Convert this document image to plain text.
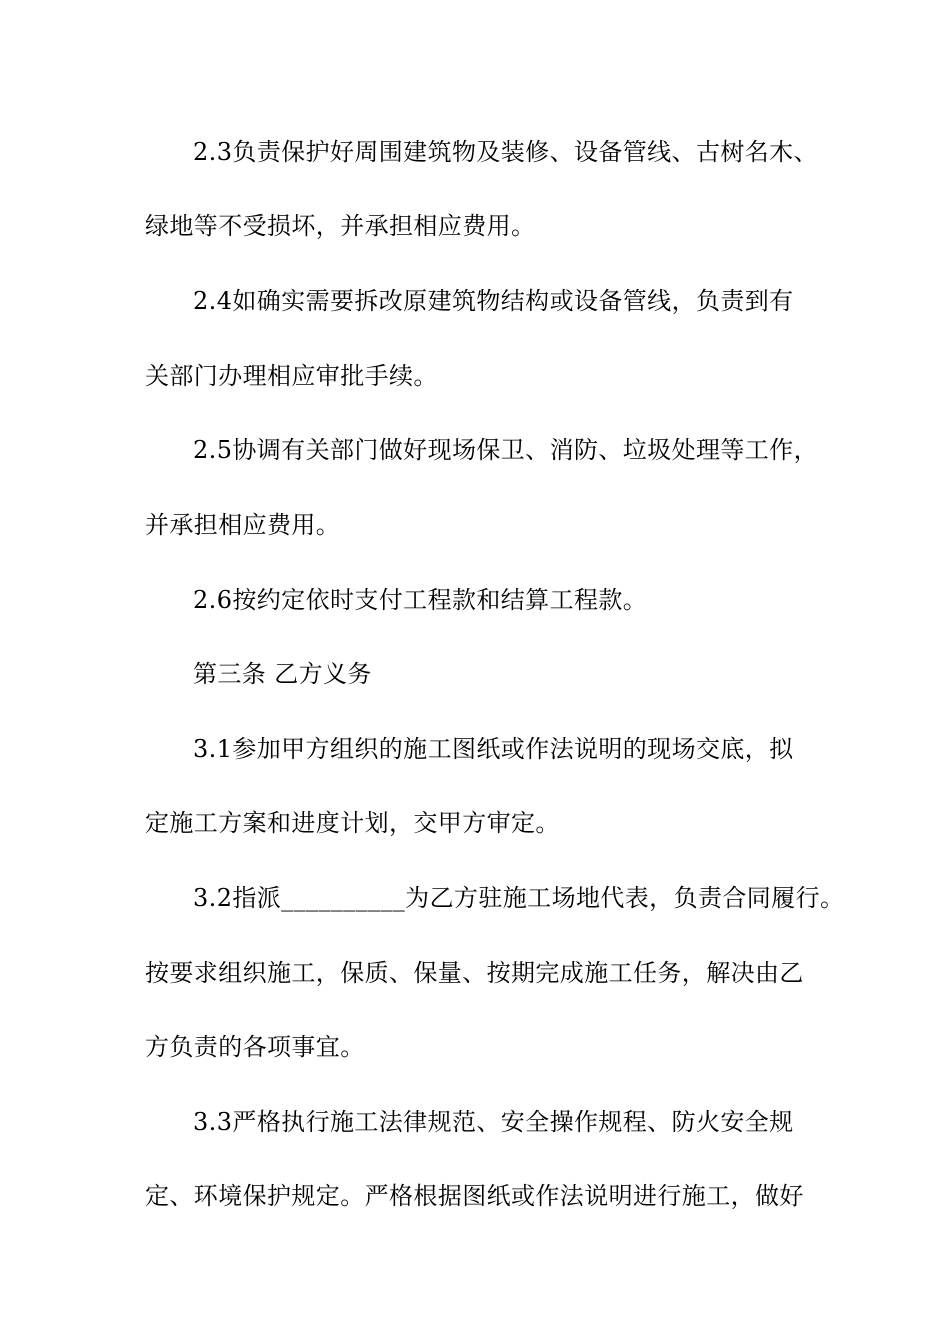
2.3负责保护好周围建筑物及装修、设备管线、古树名木、
绿地等不受损坏，并承担相应费用。
2.4如确实需要拆改原建筑物结构或设备管线，负责到有
关部门办理相应审批手续。
2.5协调有关部门做好现场保卫、消防、垃圾处理等工作，
并承担相应费用。
2.6按约定依时支付工程款和结算工程款。
第三条 乙方义务
3.1参加甲方组织的施工图纸或作法说明的现场交底，拟
定施工方案和进度计划，交甲方审定。
3.2指派__________为乙方驻施工场地代表，负责合同履行。
按要求组织施工，保质、保量、按期完成施工任务，解决由乙
方负责的各项事宜。
3.3严格执行施工法律规范、安全操作规程、防火安全规
定、环境保护规定。严格根据图纸或作法说明进行施工，做好
